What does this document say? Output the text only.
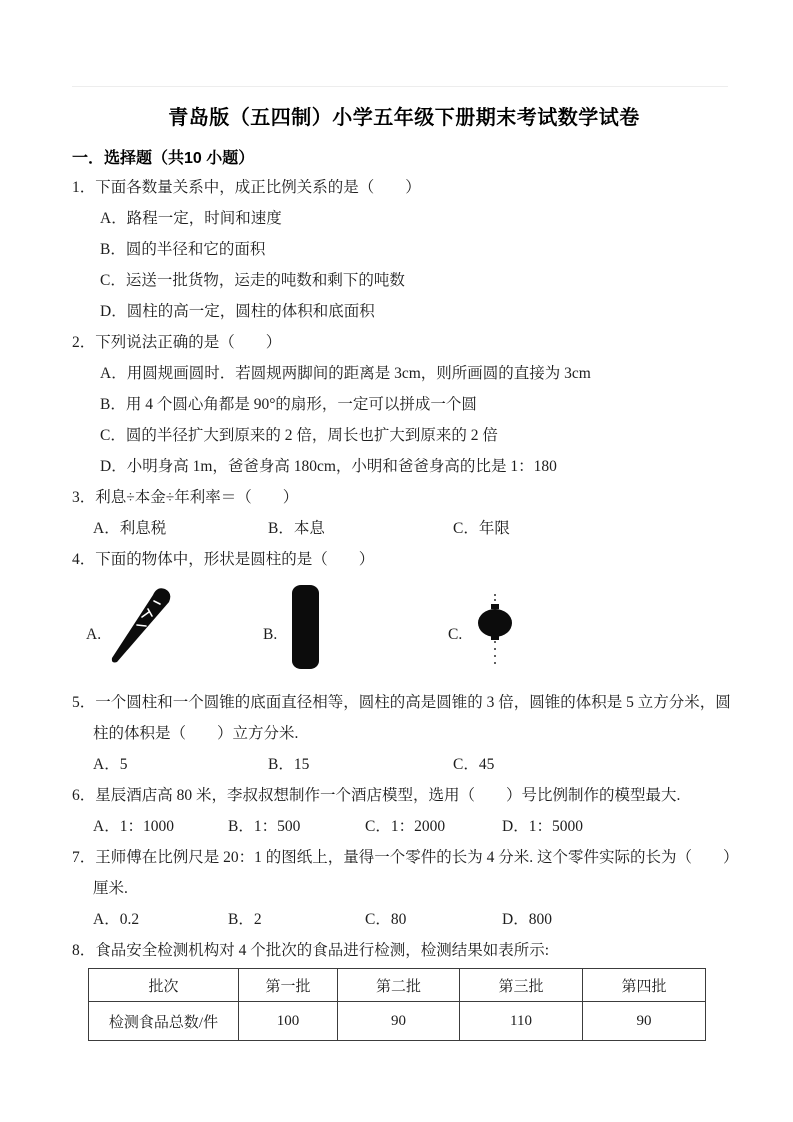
青岛版（五四制）小学五年级下册期末考试数学试卷
一．选择题（共10 小题）
1．下面各数量关系中，成正比例关系的是（　　）
A．路程一定，时间和速度
B．圆的半径和它的面积
C．运送一批货物，运走的吨数和剩下的吨数
D．圆柱的高一定，圆柱的体积和底面积
2．下列说法正确的是（　　）
A．用圆规画圆时．若圆规两脚间的距离是 3cm，则所画圆的直接为 3cm
B．用 4 个圆心角都是 90°的扇形，一定可以拼成一个圆
C．圆的半径扩大到原来的 2 倍，周长也扩大到原来的 2 倍
D．小明身高 1m，爸爸身高 180cm，小明和爸爸身高的比是 1：180
3．利息÷本金÷年利率＝（　　）
A．利息税	B．本息	C．年限
4．下面的物体中，形状是圆柱的是（　　）
A.	B.	C.
5．一个圆柱和一个圆锥的底面直径相等，圆柱的高是圆锥的 3 倍，圆锥的体积是 5 立方分米，圆柱的体积是（　　）立方分米.
A．5	B．15	C．45
6．星辰酒店高 80 米，李叔叔想制作一个酒店模型，选用（　　）号比例制作的模型最大.
A．1：1000	B．1：500	C．1：2000	D．1：5000
7．王师傅在比例尺是 20：1 的图纸上，量得一个零件的长为 4 分米. 这个零件实际的长为（　　）厘米.
A．0.2	B．2	C．80	D．800
8．食品安全检测机构对 4 个批次的食品进行检测，检测结果如表所示:
批次	第一批	第二批	第三批	第四批
检测食品总数/件	100	90	110	90
